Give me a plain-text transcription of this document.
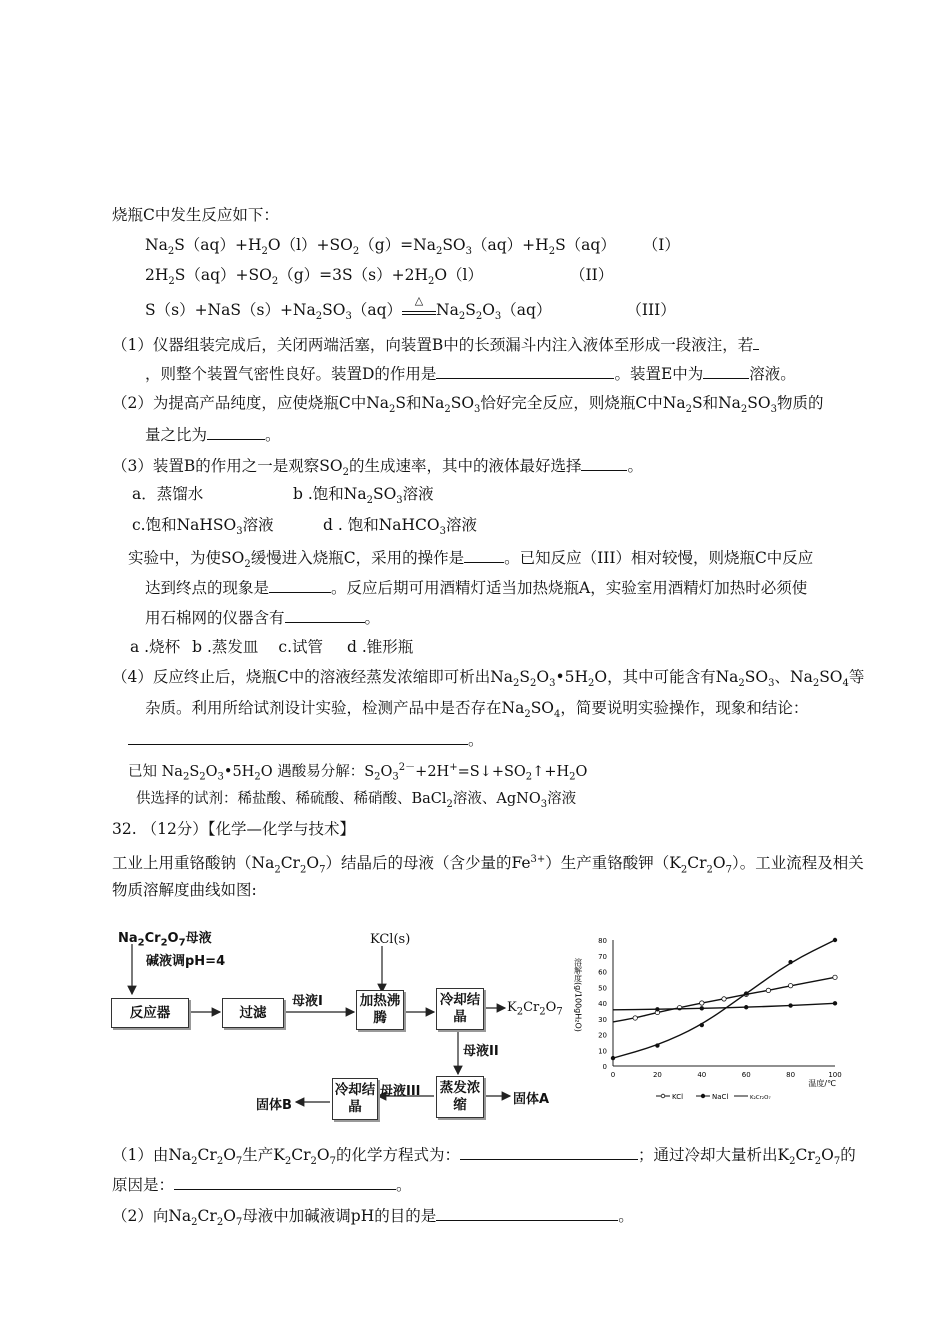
烧瓶C中发生反应如下：
$Na_2S(aq)+H_2O(l)+SO_2(g)=Na_2SO_3(aq)+H_2S(aq)$ （I）
$2H_2S(aq)+SO_2(g)=3S(s)+2H_2O(l)$	（II）
$S(s)+NaS(s)+Na_2SO_3(aq)$
△
$Na_2S_2O_3(aq)$	（III）
（1）仪器组装完成后，关闭两端活塞，向装置B中的长颈漏斗内注入液体至形成一段液注，若
，则整个装置气密性良好。装置D的作用是	。装置E中为	溶液。
（2）为提高产品纯度，应使烧瓶C中$Na_2S$和$Na_2SO_3$恰好完全反应，则烧瓶C中$Na_2S$和$Na_2SO_3$物质的
量之比为	。
（3）装置B的作用之一是观察$SO_2$的生成速率，其中的液体最好选择	。
a．蒸馏水	b .饱和$Na_2SO_3$溶液
c.饱和NaHSO$_3$溶液	d . 饱和NaHCO$_3$溶液
实验中，为使$SO_2$缓慢进入烧瓶C，采用的操作是	。已知反应（III）相对较慢，则烧瓶C中反应
达到终点的现象是	。反应后期可用酒精灯适当加热烧瓶A，实验室用酒精灯加热时必须使
用石棉网的仪器含有	。
a .烧杯 b .蒸发皿 c.试管 d .锥形瓶
（4）反应终止后，烧瓶C中的溶液经蒸发浓缩即可析出$Na_2S_2O_3•5H_2O$，其中可能含有$Na_2SO_3$、$Na_2SO_4$等
杂质。利用所给试剂设计实验，检测产品中是否存在$Na_2SO_4$，简要说明实验操作，现象和结论：
。
已知 $Na_2S_2O_3•5H_2O$ 遇酸易分解：$S_2O_3^{2-}+2H^+=S↓+SO_2↑+H_2O$
供选择的试剂：稀盐酸、稀硫酸、稀硝酸、BaCl$_2$溶液、AgNO$_3$溶液
32. （12分）【化学—化学与技术】
工业上用重铬酸钠$(Na_2Cr_2O_7)$结晶后的母液（含少量的$Fe^{3+}$）生产重铬酸钾$(K_2Cr_2O_7)$。工业流程及相关
物质溶解度曲线如图:
$Na_2Cr_2O_7$母液
碱液调pH=4
KCl(s)
反应器	过滤
母液I	加热沸腾
冷却结晶
$K_2Cr_2O_7$
母液II
蒸发浓缩	固体A
母液III
冷却结晶
固体B
0
10
20
30
40
50
60
70
80
0	20	40	60	80	100
溶解度(g/100gH₂O)
温度/℃
KCl	NaCl	K₂Cr₂O₇
（1）由$Na_2Cr_2O_7$生产$K_2Cr_2O_7$的化学方程式为：	；通过冷却大量析出$K_2Cr_2O_7$的
原因是：	。
（2）向$Na_2Cr_2O_7$母液中加碱液调pH的目的是	。
